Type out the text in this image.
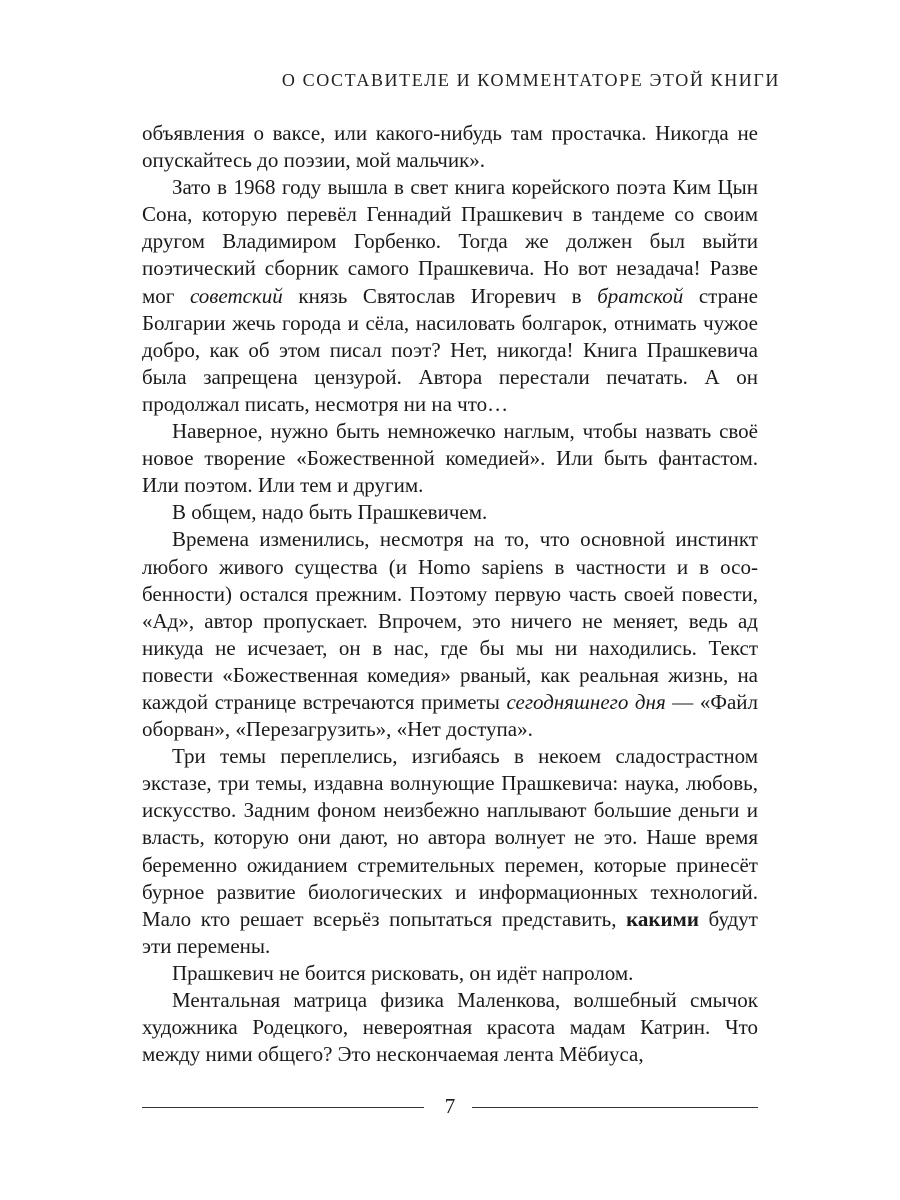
О СОСТАВИТЕЛЕ И КОММЕНТАТОРЕ ЭТОЙ КНИГИ

объявления о ваксе, или какого-нибудь там простачка. Никогда не опускайтесь до поэзии, мой мальчик».

Зато в 1968 году вышла в свет книга корейского поэта Ким Цын Сона, которую перевёл Геннадий Прашкевич в тандеме со своим другом Владимиром Горбенко. Тогда же должен был выйти поэтический сборник самого Прашкевича. Но вот незадача! Разве мог советский князь Святослав Игоревич в братской стране Болгарии жечь города и сёла, насиловать болгарок, отнимать чужое добро, как об этом писал поэт? Нет, никогда! Книга Прашкевича была запрещена цензурой. Автора перестали печатать. А он продолжал писать, несмотря ни на что…

Наверное, нужно быть немножечко наглым, чтобы назвать своё новое творение «Божественной комедией». Или быть фантастом. Или поэтом. Или тем и другим.

В общем, надо быть Прашкевичем.

Времена изменились, несмотря на то, что основной инстинкт любого живого существа (и Homo sapiens в частности и в особенности) остался прежним. Поэтому первую часть своей повести, «Ад», автор пропускает. Впрочем, это ничего не меняет, ведь ад никуда не исчезает, он в нас, где бы мы ни находились. Текст повести «Божественная комедия» рваный, как реальная жизнь, на каждой странице встречаются приметы сегодняшнего дня — «Файл оборван», «Перезагрузить», «Нет доступа».

Три темы переплелись, изгибаясь в некоем сладострастном экстазе, три темы, издавна волнующие Прашкевича: наука, любовь, искусство. Задним фоном неизбежно наплывают большие деньги и власть, которую они дают, но автора волнует не это. Наше время беременно ожиданием стремительных перемен, которые принесёт бурное развитие биологических и информационных технологий. Мало кто решает всерьёз попытаться представить, какими будут эти перемены.

Прашкевич не боится рисковать, он идёт напролом.

Ментальная матрица физика Маленкова, волшебный смычок художника Родецкого, невероятная красота мадам Катрин. Что между ними общего? Это нескончаемая лента Мёбиуса,

7
